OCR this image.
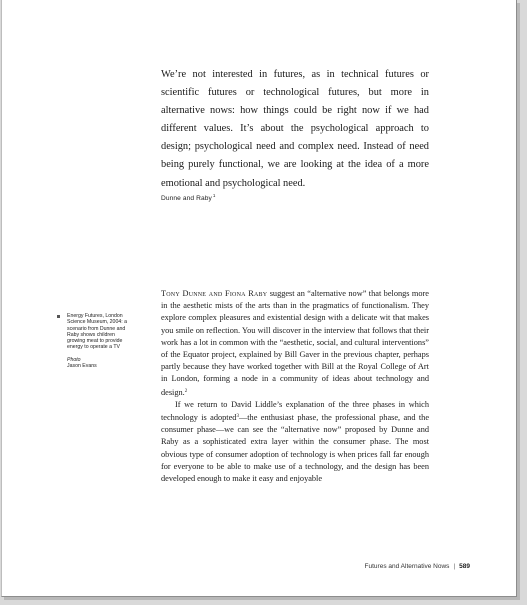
We’re not interested in futures, as in technical futures or scientific futures or technological futures, but more in alternative nows: how things could be right now if we had different values. It’s about the psychological approach to design; psychological need and complex need. Instead of need being purely functional, we are looking at the idea of a more emotional and psychological need.

Dunne and Raby$^1$

Energy Futures, London Science Museum, 2004: a scenario from Dunne and Raby shows children growing meat to provide energy to operate a TV
Photo
Jason Evans

Tony Dunne and Fiona Raby suggest an “alternative now” that belongs more in the aesthetic mists of the arts than in the pragmatics of functionalism. They explore complex pleasures and existential design with a delicate wit that makes you smile on reflection. You will discover in the interview that follows that their work has a lot in common with the “aesthetic, social, and cultural interventions” of the Equator project, explained by Bill Gaver in the previous chapter, perhaps partly because they have worked together with Bill at the Royal College of Art in London, forming a node in a community of ideas about technology and design.$^2$

If we return to David Liddle’s explanation of the three phases in which technology is adopted$^3$—the enthusiast phase, the professional phase, and the consumer phase—we can see the “alternative now” proposed by Dunne and Raby as a sophisticated extra layer within the consumer phase. The most obvious type of consumer adoption of technology is when prices fall far enough for everyone to be able to make use of a technology, and the design has been developed enough to make it easy and enjoyable

Futures and Alternative Nows | 589
